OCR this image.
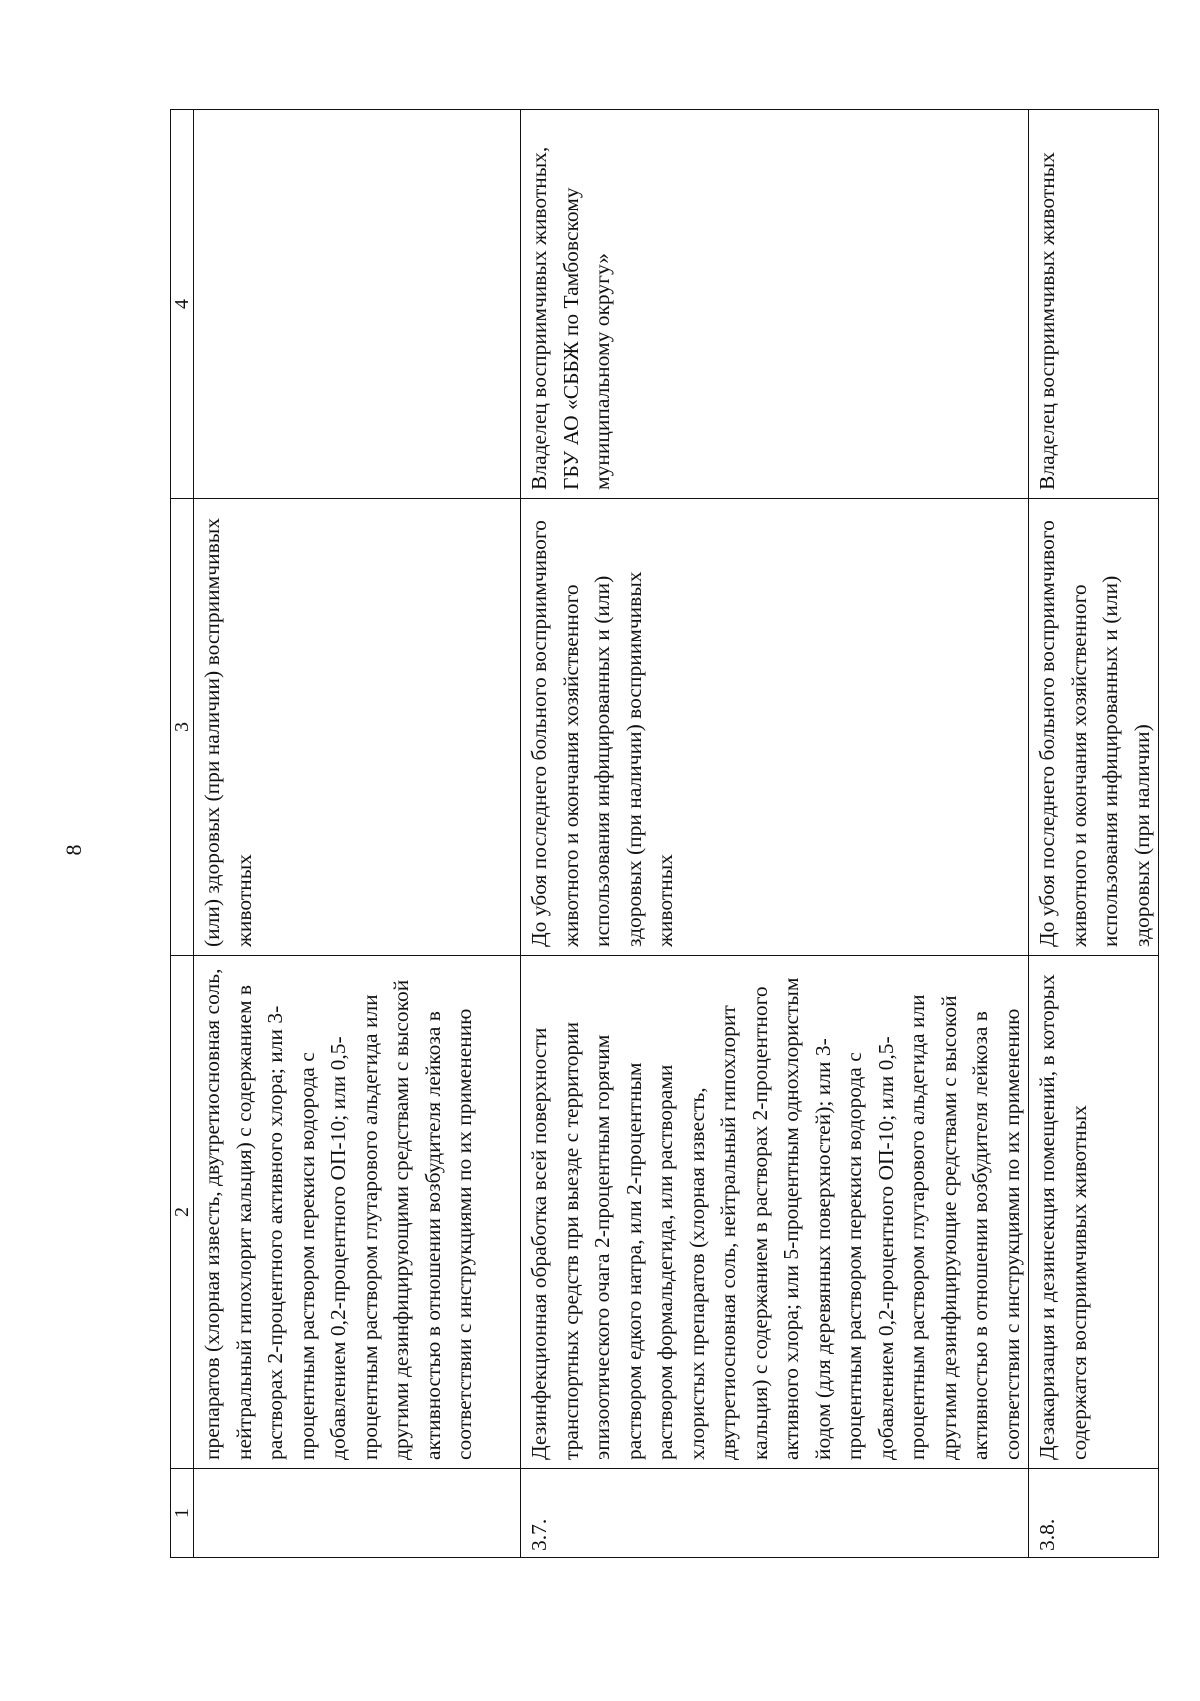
8
1	2	3	4
	препаратов (хлорная известь, двутретиосновная соль, нейтральный гипохлорит кальция) с содержанием в растворах 2-процентного активного хлора; или 3-процентным раствором перекиси водорода с добавлением 0,2-процентного ОП-10; или 0,5-процентным раствором глутарового альдегида или другими дезинфицирующими средствами с высокой активностью в отношении возбудителя лейкоза в соответствии с инструкциями по их применению	(или) здоровых (при наличии) восприимчивых животных	
3.7.	Дезинфекционная обработка всей поверхности транспортных средств при выезде с территории эпизоотического очага 2-процентным горячим раствором едкого натра, или 2-процентным раствором формальдегида, или растворами хлористых препаратов (хлорная известь, двутретиосновная соль, нейтральный гипохлорит кальция) с содержанием в растворах 2-процентного активного хлора; или 5-процентным однохлористым йодом (для деревянных поверхностей); или 3-процентным раствором перекиси водорода с добавлением 0,2-процентного ОП-10; или 0,5-процентным раствором глутарового альдегида или другими дезинфицирующие средствами с высокой активностью в отношении возбудителя лейкоза в соответствии с инструкциями по их применению	До убоя последнего больного восприимчивого животного и окончания хозяйственного использования инфицированных и (или) здоровых (при наличии) восприимчивых животных	Владелец восприимчивых животных, ГБУ АО «СББЖ по Тамбовскому муниципальному округу»
3.8.	Дезакаризация и дезинсекция помещений, в которых содержатся восприимчивых животных	До убоя последнего больного восприимчивого животного и окончания хозяйственного использования инфицированных и (или) здоровых (при наличии)	Владелец восприимчивых животных
